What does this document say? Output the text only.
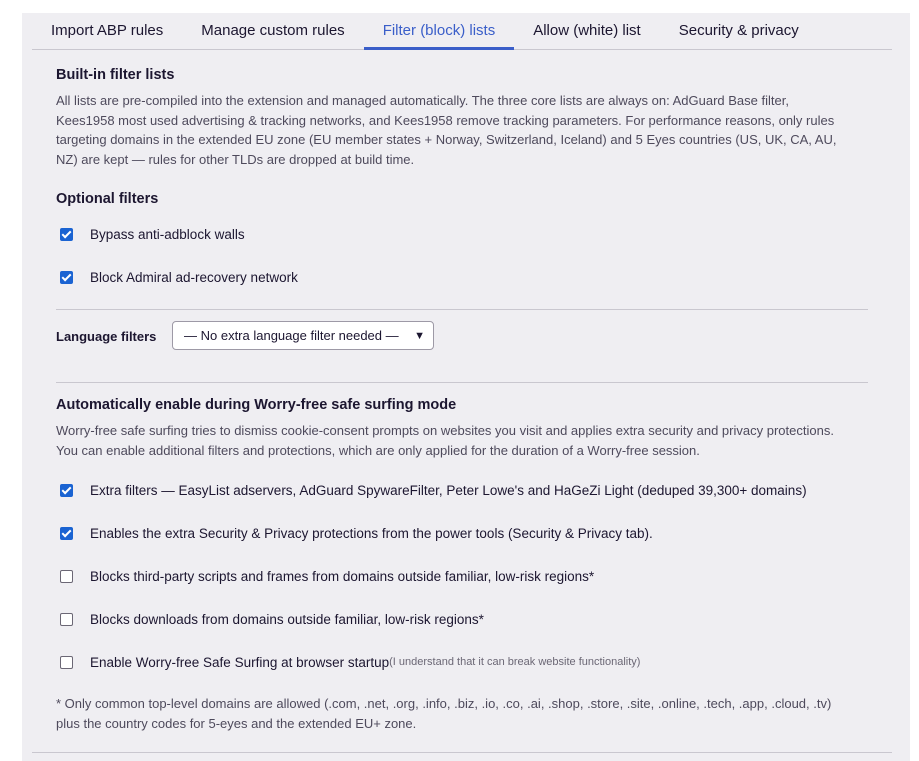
Import ABP rules	Manage custom rules	Filter (block) lists	Allow (white) list	Security & privacy
Built-in filter lists
All lists are pre-compiled into the extension and managed automatically. The three core lists are always on: AdGuard Base filter, Kees1958 most used advertising & tracking networks, and Kees1958 remove tracking parameters. For performance reasons, only rules targeting domains in the extended EU zone (EU member states + Norway, Switzerland, Iceland) and 5 Eyes countries (US, UK, CA, AU, NZ) are kept — rules for other TLDs are dropped at build time.
Optional filters
Bypass anti-adblock walls
Block Admiral ad-recovery network
Language filters — No extra language filter needed — ▼
Automatically enable during Worry-free safe surfing mode
Worry-free safe surfing tries to dismiss cookie-consent prompts on websites you visit and applies extra security and privacy protections. You can enable additional filters and protections, which are only applied for the duration of a Worry-free session.
Extra filters — EasyList adservers, AdGuard SpywareFilter, Peter Lowe's and HaGeZi Light (deduped 39,300+ domains)
Enables the extra Security & Privacy protections from the power tools (Security & Privacy tab).
Blocks third-party scripts and frames from domains outside familiar, low-risk regions*
Blocks downloads from domains outside familiar, low-risk regions*
Enable Worry-free Safe Surfing at browser startup (I understand that it can break website functionality)
* Only common top-level domains are allowed (.com, .net, .org, .info, .biz, .io, .co, .ai, .shop, .store, .site, .online, .tech, .app, .cloud, .tv) plus the country codes for 5-eyes and the extended EU+ zone.
